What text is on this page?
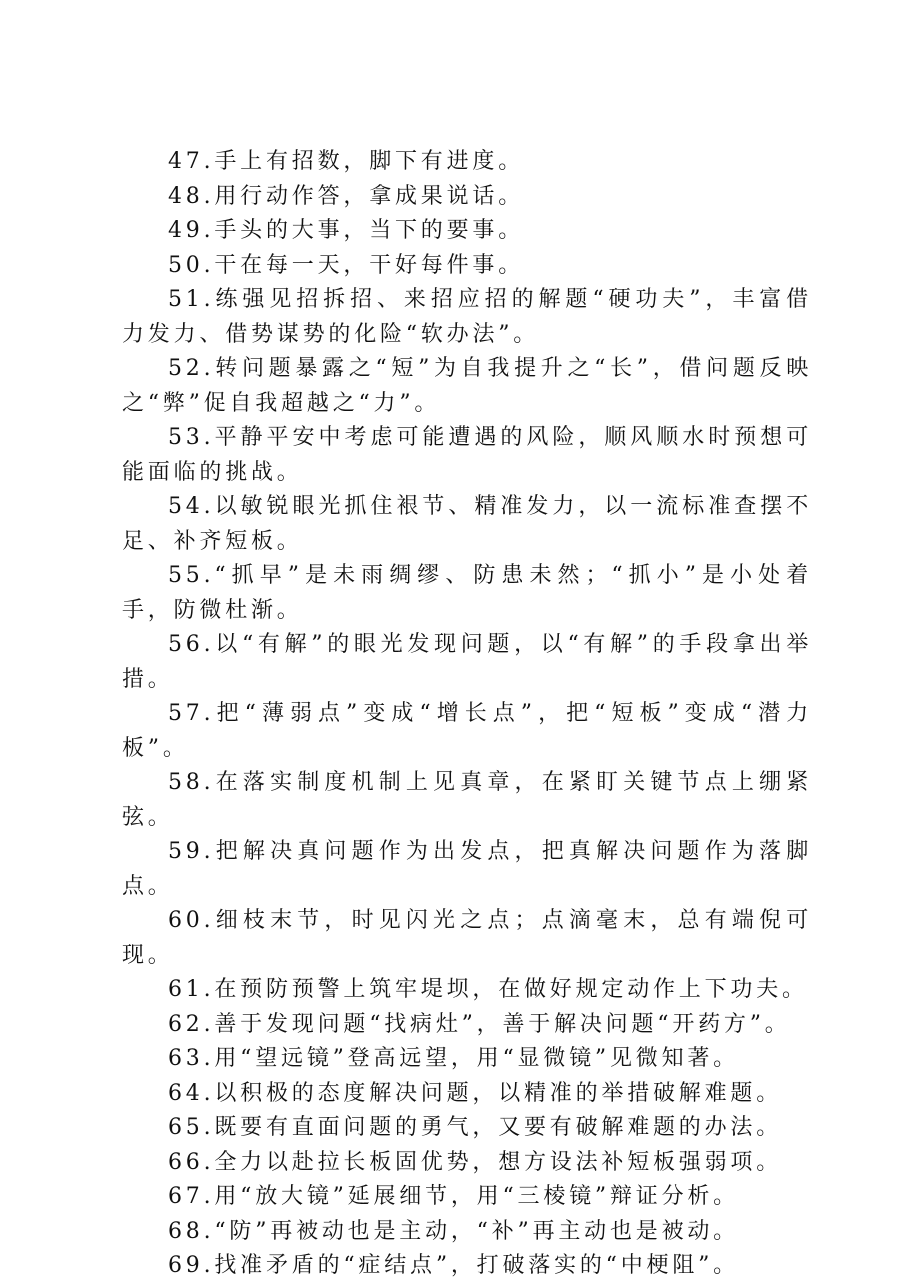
47.手上有招数，脚下有进度。

48.用行动作答，拿成果说话。

49.手头的大事，当下的要事。

50.干在每一天，干好每件事。

51.练强见招拆招、来招应招的解题“硬功夫”，丰富借力发力、借势谋势的化险“软办法”。

52.转问题暴露之“短”为自我提升之“长”，借问题反映之“弊”促自我超越之“力”。

53.平静平安中考虑可能遭遇的风险，顺风顺水时预想可能面临的挑战。

54.以敏锐眼光抓住裉节、精准发力，以一流标准查摆不足、补齐短板。

55.“抓早”是未雨绸缪、防患未然；“抓小”是小处着手，防微杜渐。

56.以“有解”的眼光发现问题，以“有解”的手段拿出举措。

57.把“薄弱点”变成“增长点”，把“短板”变成“潜力板”。

58.在落实制度机制上见真章，在紧盯关键节点上绷紧弦。

59.把解决真问题作为出发点，把真解决问题作为落脚点。

60.细枝末节，时见闪光之点；点滴毫末，总有端倪可现。

61.在预防预警上筑牢堤坝，在做好规定动作上下功夫。

62.善于发现问题“找病灶”，善于解决问题“开药方”。

63.用“望远镜”登高远望，用“显微镜”见微知著。

64.以积极的态度解决问题，以精准的举措破解难题。

65.既要有直面问题的勇气，又要有破解难题的办法。

66.全力以赴拉长板固优势，想方设法补短板强弱项。

67.用“放大镜”延展细节，用“三棱镜”辩证分析。

68.“防”再被动也是主动，“补”再主动也是被动。

69.找准矛盾的“症结点”，打破落实的“中梗阻”。
